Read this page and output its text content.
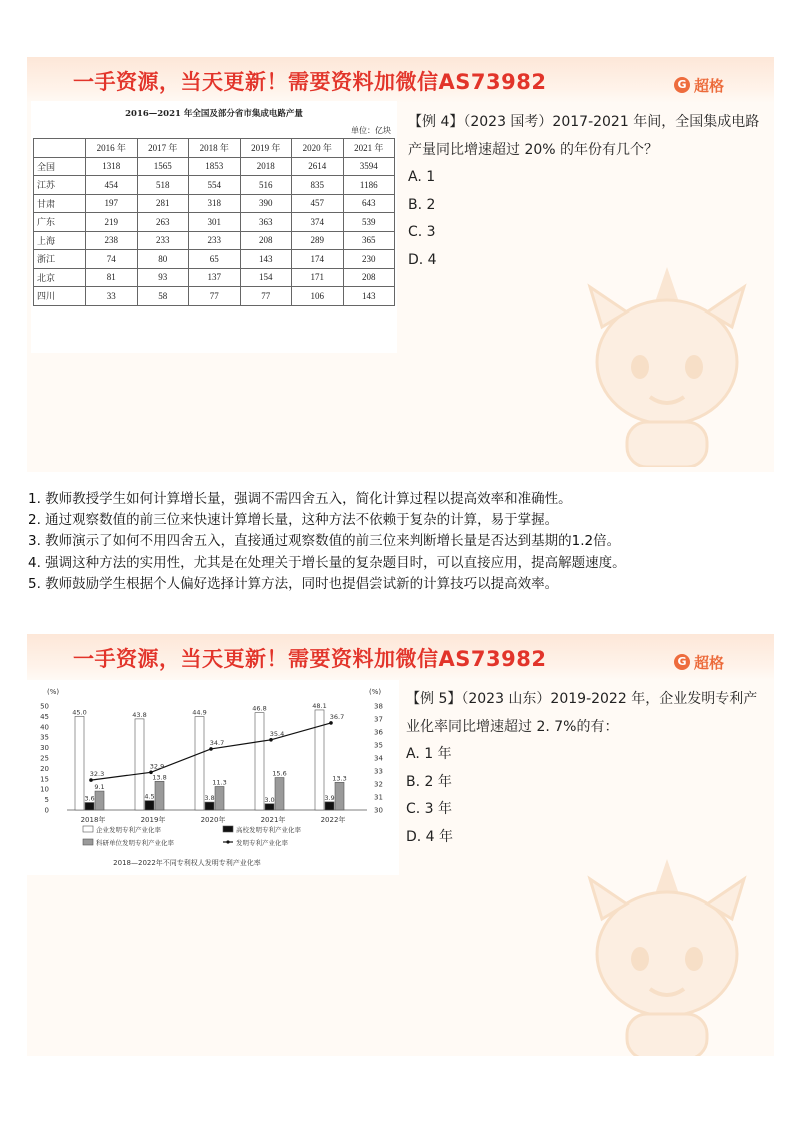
一手资源，当天更新！需要资料加微信AS73982	G 超格
2016—2021 年全国及部分省市集成电路产量
单位：亿块
	2016 年	2017 年	2018 年	2019 年	2020 年	2021 年
全国	1318	1565	1853	2018	2614	3594
江苏	454	518	554	516	835	1186
甘肃	197	281	318	390	457	643
广东	219	263	301	363	374	539
上海	238	233	233	208	289	365
浙江	74	80	65	143	174	230
北京	81	93	137	154	171	208
四川	33	58	77	77	106	143
【例 4】（2023 国考）2017-2021 年间，全国集成电路产量同比增速超过 20% 的年份有几个？
A. 1
B. 2
C. 3
D. 4
1. 教师教授学生如何计算增长量，强调不需四舍五入，简化计算过程以提高效率和准确性。
2. 通过观察数值的前三位来快速计算增长量，这种方法不依赖于复杂的计算，易于掌握。
3. 教师演示了如何不用四舍五入，直接通过观察数值的前三位来判断增长量是否达到基期的1.2倍。
4. 强调这种方法的实用性，尤其是在处理关于增长量的复杂题目时，可以直接应用，提高解题速度。
5. 教师鼓励学生根据个人偏好选择计算方法，同时也提倡尝试新的计算技巧以提高效率。
一手资源，当天更新！需要资料加微信AS73982	G 超格
(%)	(%)
0
5
10
15
20
25
30
35
40
45
50
30
31
32
33
34
35
36
37
38
45.0
3.6
9.1
2018年
43.8
4.5
13.8
2019年
44.9
3.8
11.3
2020年
46.8
3.0
15.6
2021年
48.1
3.9
13.3
2022年
32.3
32.9
34.7
35.4
36.7
企业发明专利产业化率	高校发明专利产业化率
科研单位发明专利产业化率	发明专利产业化率
2018—2022年不同专利权人发明专利产业化率
【例 5】（2023 山东）2019-2022 年，企业发明专利产业化率同比增速超过 2. 7%的有：
A. 1 年
B. 2 年
C. 3 年
D. 4 年
